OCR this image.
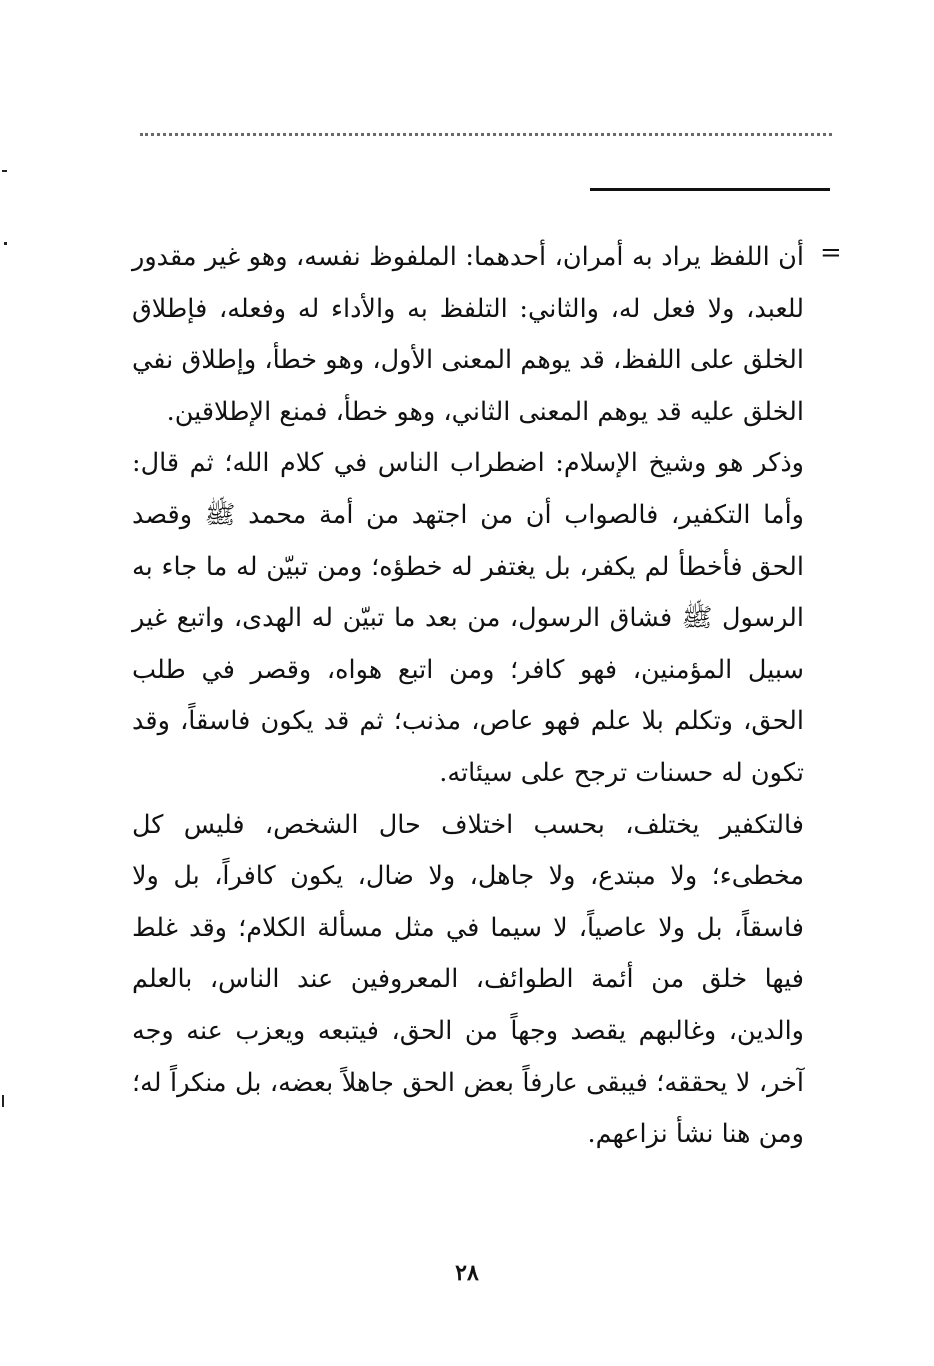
=

أن اللفظ يراد به أمران، أحدهما: الملفوظ نفسه، وهو غير مقدور للعبد، ولا فعل له، والثاني: التلفظ به والأداء له وفعله، فإطلاق الخلق على اللفظ، قد يوهم المعنى الأول، وهو خطأ، وإطلاق نفي الخلق عليه قد يوهم المعنى الثاني، وهو خطأ، فمنع الإطلاقين.

وذكر هو وشيخ الإسلام: اضطراب الناس في كلام الله؛ ثم قال: وأما التكفير، فالصواب أن من اجتهد من أمة محمد ﷺ وقصد الحق فأخطأ لم يكفر، بل يغتفر له خطؤه؛ ومن تبيّن له ما جاء به الرسول ﷺ فشاق الرسول، من بعد ما تبيّن له الهدى، واتبع غير سبيل المؤمنين، فهو كافر؛ ومن اتبع هواه، وقصر في طلب الحق، وتكلم بلا علم فهو عاص، مذنب؛ ثم قد يكون فاسقاً، وقد تكون له حسنات ترجح على سيئاته.

فالتكفير يختلف، بحسب اختلاف حال الشخص، فليس كل مخطىء؛ ولا مبتدع، ولا جاهل، ولا ضال، يكون كافراً، بل ولا فاسقاً، بل ولا عاصياً، لا سيما في مثل مسألة الكلام؛ وقد غلط فيها خلق من أئمة الطوائف، المعروفين عند الناس، بالعلم والدين، وغالبهم يقصد وجهاً من الحق، فيتبعه ويعزب عنه وجه آخر، لا يحققه؛ فيبقى عارفاً بعض الحق جاهلاً بعضه، بل منكراً له؛ ومن هنا نشأ نزاعهم.

٢٨
